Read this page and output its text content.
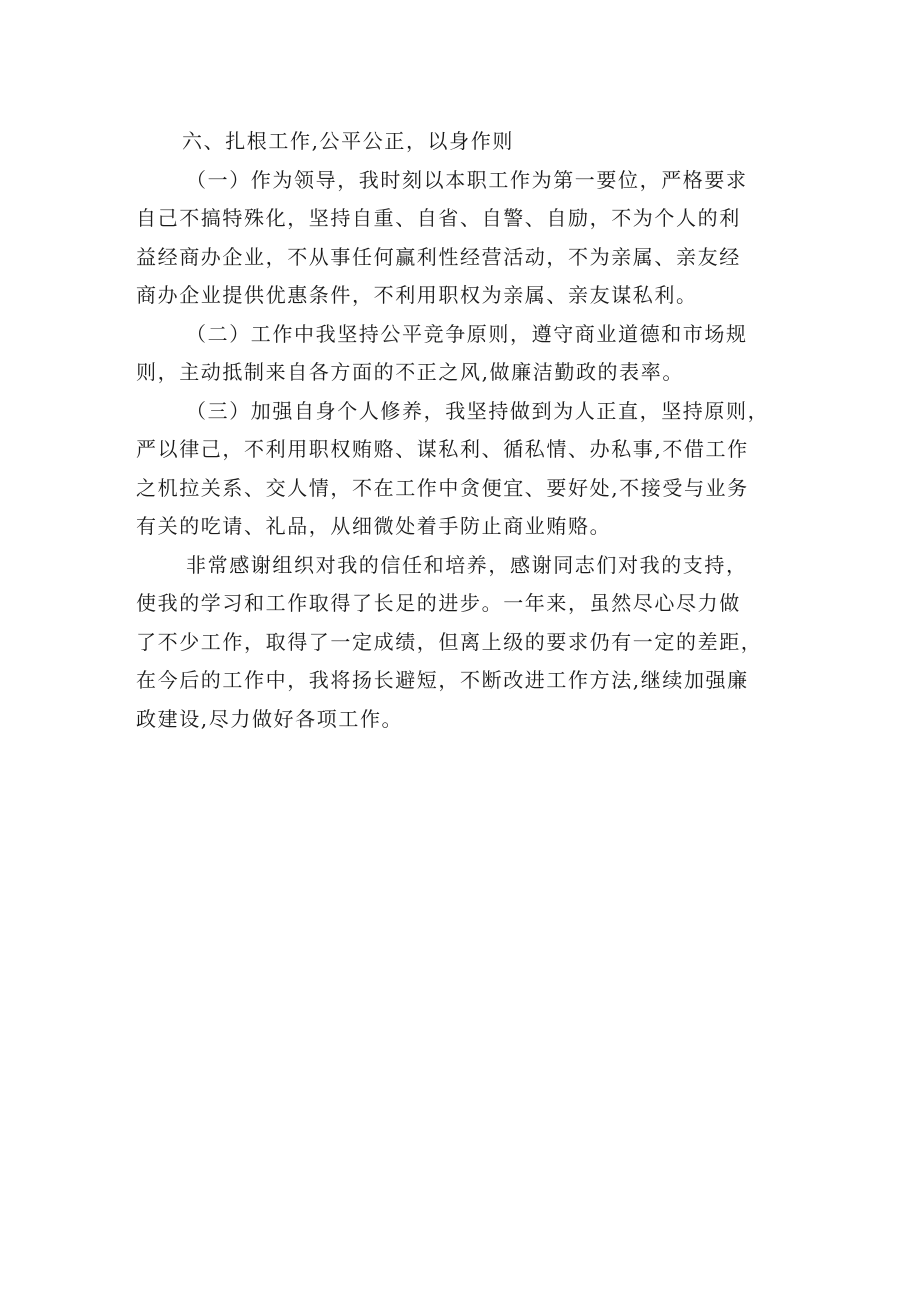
六、扎根工作,公平公正，以身作则
（一）作为领导，我时刻以本职工作为第一要位，严格要求
自己不搞特殊化，坚持自重、自省、自警、自励，不为个人的利
益经商办企业，不从事任何赢利性经营活动，不为亲属、亲友经
商办企业提供优惠条件，不利用职权为亲属、亲友谋私利。
（二）工作中我坚持公平竞争原则，遵守商业道德和市场规
则，主动抵制来自各方面的不正之风,做廉洁勤政的表率。
（三）加强自身个人修养，我坚持做到为人正直，坚持原则，
严以律己，不利用职权贿赂、谋私利、循私情、办私事,不借工作
之机拉关系、交人情，不在工作中贪便宜、要好处,不接受与业务
有关的吃请、礼品，从细微处着手防止商业贿赂。
非常感谢组织对我的信任和培养，感谢同志们对我的支持，
使我的学习和工作取得了长足的进步。一年来，虽然尽心尽力做
了不少工作，取得了一定成绩，但离上级的要求仍有一定的差距，
在今后的工作中，我将扬长避短，不断改进工作方法,继续加强廉
政建设,尽力做好各项工作。
